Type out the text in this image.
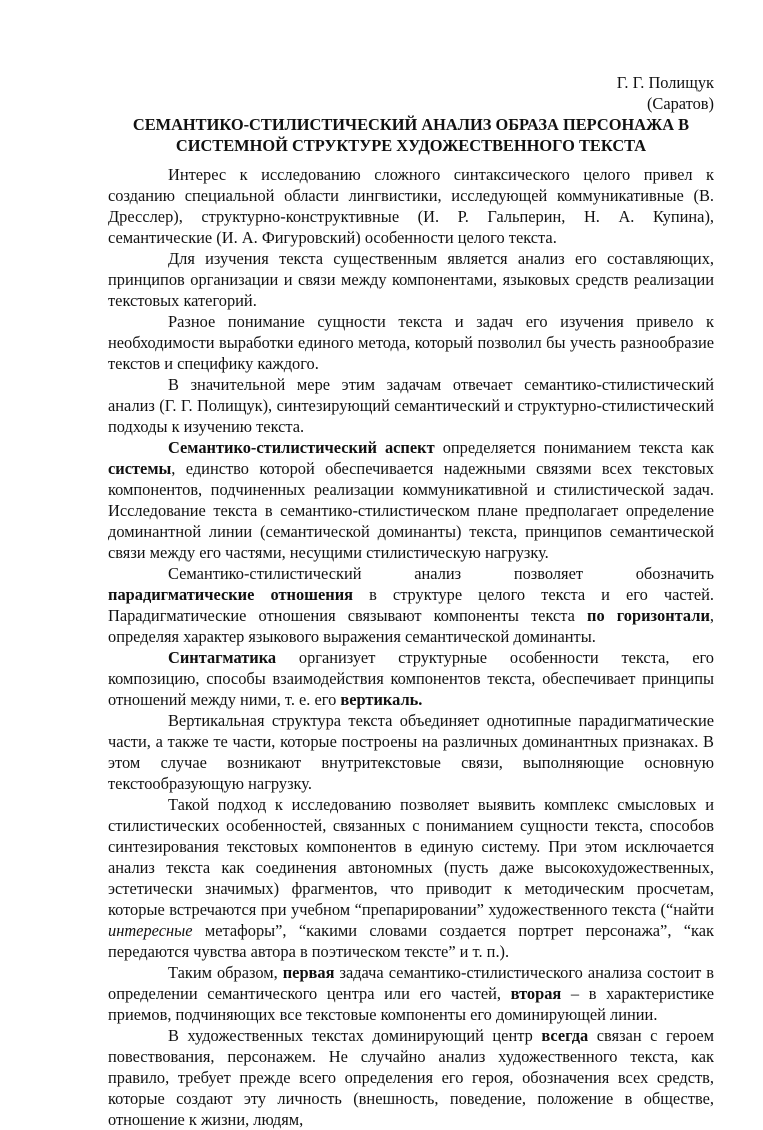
Г. Г. Полищук

(Саратов)

СЕМАНТИКО-СТИЛИСТИЧЕСКИЙ АНАЛИЗ ОБРАЗА ПЕРСОНАЖА В

СИСТЕМНОЙ СТРУКТУРЕ ХУДОЖЕСТВЕННОГО ТЕКСТА

Интерес к исследованию сложного синтаксического целого привел к созданию специальной области лингвистики, исследующей коммуникативные (В. Дресслер), структурно-конструктивные (И. Р. Гальперин, Н. А. Купина), семантические (И. А. Фигуровский) особенности целого текста.

Для изучения текста существенным является анализ его составляющих, принципов организации и связи между компонентами, языковых средств реализации текстовых категорий.

Разное понимание сущности текста и задач его изучения привело к необходимости выработки единого метода, который позволил бы учесть разнообразие текстов и специфику каждого.

В значительной мере этим задачам отвечает семантико-стилистический анализ (Г. Г. Полищук), синтезирующий семантический и структурно-стилистический подходы к изучению текста.

Семантико-стилистический аспект определяется пониманием текста как системы, единство которой обеспечивается надежными связями всех текстовых компонентов, подчиненных реализации коммуникативной и стилистической задач. Исследование текста в семантико-стилистическом плане предполагает определение доминантной линии (семантической доминанты) текста, принципов семантической связи между его частями, несущими стилистическую нагрузку.

Семантико-стилистический анализ позволяет обозначить парадигматические отношения в структуре целого текста и его частей. Парадигматические отношения связывают компоненты текста по горизонтали, определяя характер языкового выражения семантической доминанты.

Синтагматика организует структурные особенности текста, его композицию, способы взаимодействия компонентов текста, обеспечивает принципы отношений между ними, т. е. его вертикаль.

Вертикальная структура текста объединяет однотипные парадигматические части, а также те части, которые построены на различных доминантных признаках. В этом случае возникают внутритекстовые связи, выполняющие основную текстообразующую нагрузку.

Такой подход к исследованию позволяет выявить комплекс смысловых и стилистических особенностей, связанных с пониманием сущности текста, способов синтезирования текстовых компонентов в единую систему. При этом исключается анализ текста как соединения автономных (пусть даже высокохудожественных, эстетически значимых) фрагментов, что приводит к методическим просчетам, которые встречаются при учебном “препарировании” художественного текста (“найти интересные метафоры”, “какими словами создается портрет персонажа”, “как передаются чувства автора в поэтическом тексте” и т. п.).

Таким образом, первая задача семантико-стилистического анализа состоит в определении семантического центра или его частей, вторая – в характеристике приемов, подчиняющих все текстовые компоненты его доминирующей линии.

В художественных текстах доминирующий центр всегда связан с героем повествования, персонажем. Не случайно анализ художественного текста, как правило, требует прежде всего определения его героя, обозначения всех средств, которые создают эту личность (внешность, поведение, положение в обществе, отношение к жизни, людям,
